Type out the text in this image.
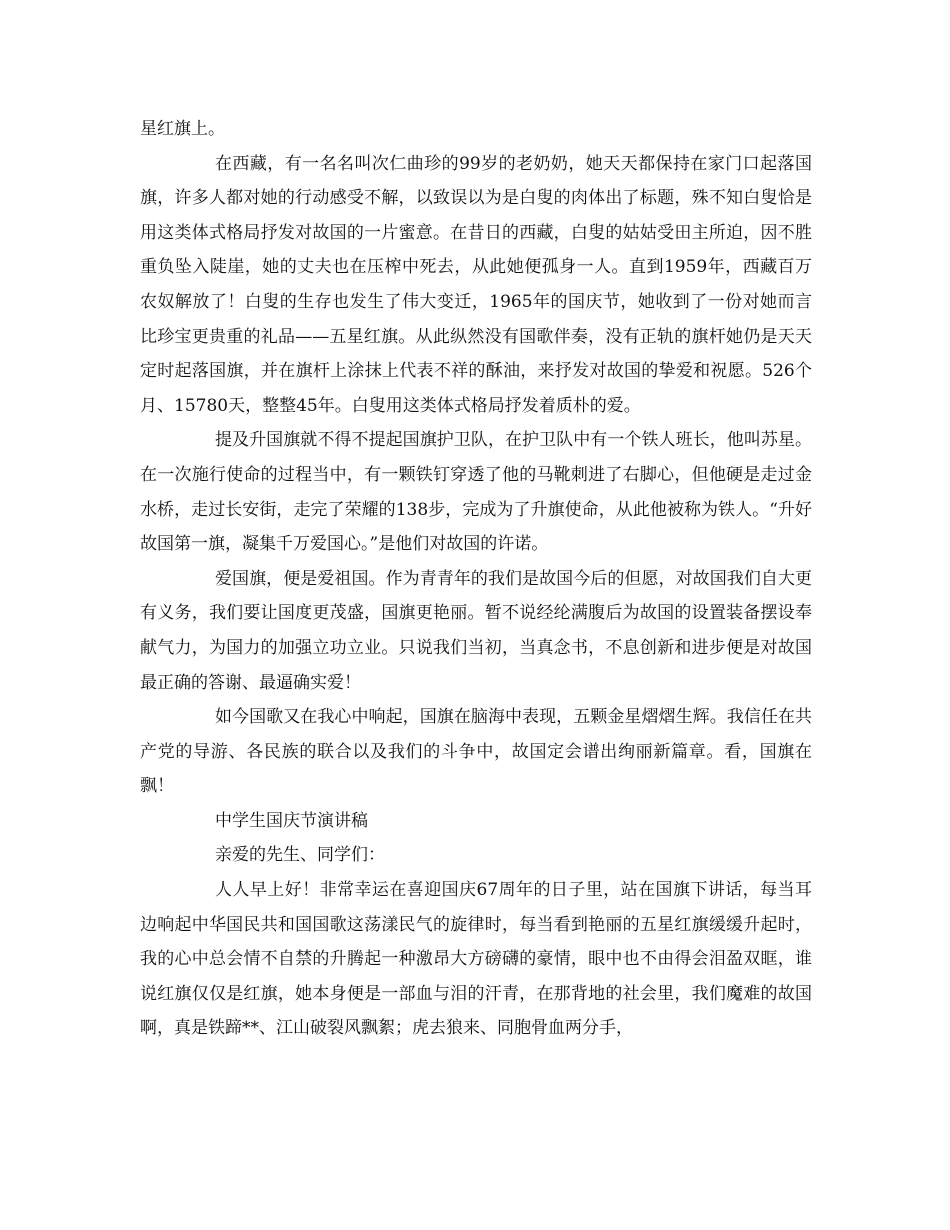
星红旗上。

在西藏，有一名名叫次仁曲珍的99岁的老奶奶，她天天都保持在家门口起落国旗，许多人都对她的行动感受不解，以致误以为是白叟的肉体出了标题，殊不知白叟恰是用这类体式格局抒发对故国的一片蜜意。在昔日的西藏，白叟的姑姑受田主所迫，因不胜重负坠入陡崖，她的丈夫也在压榨中死去，从此她便孤身一人。直到1959年，西藏百万农奴解放了！白叟的生存也发生了伟大变迁，1965年的国庆节，她收到了一份对她而言比珍宝更贵重的礼品——五星红旗。从此纵然没有国歌伴奏，没有正轨的旗杆她仍是天天定时起落国旗，并在旗杆上涂抹上代表不祥的酥油，来抒发对故国的挚爱和祝愿。526个月、15780天，整整45年。白叟用这类体式格局抒发着质朴的爱。

提及升国旗就不得不提起国旗护卫队，在护卫队中有一个铁人班长，他叫苏星。在一次施行使命的过程当中，有一颗铁钉穿透了他的马靴刺进了右脚心，但他硬是走过金水桥，走过长安街，走完了荣耀的138步，完成为了升旗使命，从此他被称为铁人。“升好故国第一旗，凝集千万爱国心。”是他们对故国的许诺。

爱国旗，便是爱祖国。作为青青年的我们是故国今后的但愿，对故国我们自大更有义务，我们要让国度更茂盛，国旗更艳丽。暂不说经纶满腹后为故国的设置装备摆设奉献气力，为国力的加强立功立业。只说我们当初，当真念书，不息创新和进步便是对故国最正确的答谢、最逼确实爱！

如今国歌又在我心中响起，国旗在脑海中表现，五颗金星熠熠生辉。我信任在共产党的导游、各民族的联合以及我们的斗争中，故国定会谱出绚丽新篇章。看，国旗在飘！

中学生国庆节演讲稿

亲爱的先生、同学们：

人人早上好！非常幸运在喜迎国庆67周年的日子里，站在国旗下讲话，每当耳边响起中华国民共和国国歌这荡漾民气的旋律时，每当看到艳丽的五星红旗缓缓升起时，我的心中总会情不自禁的升腾起一种激昂大方磅礴的豪情，眼中也不由得会泪盈双眶，谁说红旗仅仅是红旗，她本身便是一部血与泪的汗青，在那背地的社会里，我们魔难的故国啊，真是铁蹄**、江山破裂风飘絮；虎去狼来、同胞骨血两分手，
